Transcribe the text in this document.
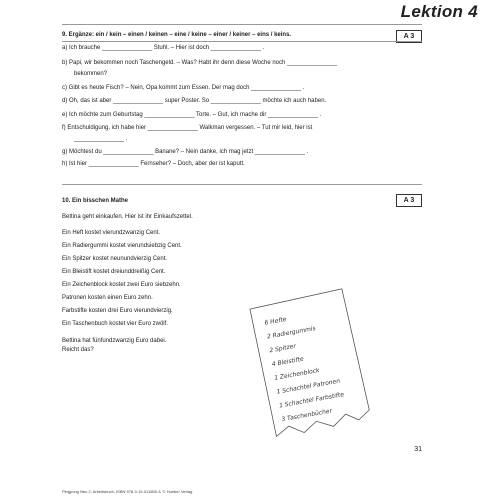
Lektion 4
9. Ergänze: ein / kein – einen / keinen – eine / keine – einer / keiner – eins / keins.	A 3
a) Ich brauche _______________ Stuhl. – Hier ist doch _______________ .
b) Papi, wir bekommen noch Taschengeld. – Was? Habt ihr denn diese Woche noch _______________
bekommen?
c) Gibt es heute Fisch? – Nein, Opa kommt zum Essen. Der mag doch _______________ .
d) Oh, das ist aber _______________ super Poster. So _______________ möchte ich auch haben.
e) Ich möchte zum Geburtstag _______________ Torte. – Gut, ich mache dir _______________ .
f) Entschuldigung, ich habe hier _______________ Walkman vergessen. – Tut mir leid, hier ist
_______________ .
g) Möchtest du _______________ Banane? – Nein danke, ich mag jetzt _______________ .
h) Ist hier _______________ Fernseher? – Doch, aber der ist kaputt.
10. Ein bisschen Mathe	A 3
Bettina geht einkaufen. Hier ist ihr Einkaufszettel.
Ein Heft kostet vierundzwanzig Cent.
Ein Radiergummi kostet vierundsiebzig Cent.
Ein Spitzer kostet neunundvierzig Cent.
Ein Bleistift kostet dreiunddreißig Cent.
Ein Zeichenblock kostet zwei Euro siebzehn.
Patronen kosten einen Euro zehn.
Farbstifte kosten drei Euro vierundvierzig.
Ein Taschenbuch kostet vier Euro zwölf.
Bettina hat fünfundzwanzig Euro dabei.
Reicht das?
6 Hefte
2 Radiergummis
2 Spitzer
4 Bleistifte
1 Zeichenblock
1 Schachtel Patronen
1 Schachtel Farbstifte
3 Taschenbücher
31
Pingpong Neu 2, Arbeitsbuch, ISBN 978-3-19-011655-3, © Hueber Verlag
